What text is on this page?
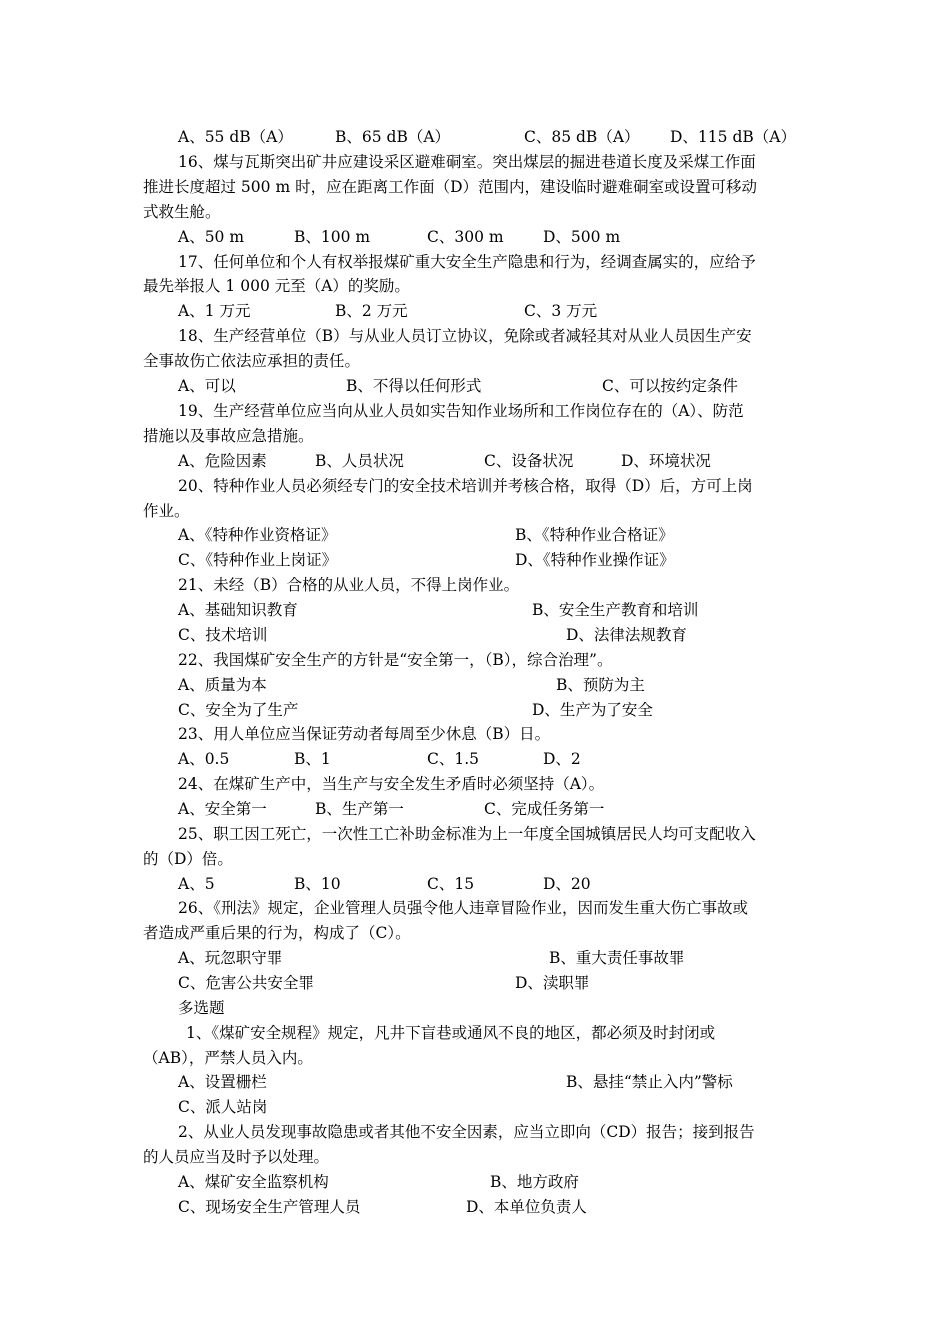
A、55 dB（A）	B、65 dB（A）	C、85 dB（A） D、115 dB（A）
16、煤与瓦斯突出矿井应建设采区避难硐室。突出煤层的掘进巷道长度及采煤工作面
推进长度超过 500 m 时，应在距离工作面（D）范围内，建设临时避难硐室或设置可移动
式救生舱。
A、50 m	B、100 m	C、300 m	D、500 m
17、任何单位和个人有权举报煤矿重大安全生产隐患和行为，经调查属实的，应给予
最先举报人 1 000 元至（A）的奖励。
A、1 万元	B、2 万元	C、3 万元
18、生产经营单位（B）与从业人员订立协议，免除或者减轻其对从业人员因生产安
全事故伤亡依法应承担的责任。
A、可以	B、不得以任何形式	C、可以按约定条件
19、生产经营单位应当向从业人员如实告知作业场所和工作岗位存在的（A）、防范
措施以及事故应急措施。
A、危险因素	B、人员状况	C、设备状况	D、环境状况
20、特种作业人员必须经专门的安全技术培训并考核合格，取得（D）后，方可上岗
作业。
A、《特种作业资格证》	B、《特种作业合格证》
C、《特种作业上岗证》	D、《特种作业操作证》
21、未经（B）合格的从业人员，不得上岗作业。
A、基础知识教育	B、安全生产教育和培训
C、技术培训	D、法律法规教育
22、我国煤矿安全生产的方针是“安全第一，（B），综合治理”。
A、质量为本	B、预防为主
C、安全为了生产	D、生产为了安全
23、用人单位应当保证劳动者每周至少休息（B）日。
A、0.5	B、1	C、1.5	D、2
24、在煤矿生产中，当生产与安全发生矛盾时必须坚持（A）。
A、安全第一	B、生产第一	C、完成任务第一
25、职工因工死亡，一次性工亡补助金标准为上一年度全国城镇居民人均可支配收入
的（D）倍。
A、5	B、10	C、15	D、20
26、《刑法》规定，企业管理人员强令他人违章冒险作业，因而发生重大伤亡事故或
者造成严重后果的行为，构成了（C）。
A、玩忽职守罪	B、重大责任事故罪
C、危害公共安全罪	D、渎职罪
多选题
1、《煤矿安全规程》规定，凡井下盲巷或通风不良的地区，都必须及时封闭或
（AB），严禁人员入内。
A、设置栅栏	B、悬挂“禁止入内”警标
C、派人站岗
2、从业人员发现事故隐患或者其他不安全因素，应当立即向（CD）报告；接到报告
的人员应当及时予以处理。
A、煤矿安全监察机构	B、地方政府
C、现场安全生产管理人员	D、本单位负责人
